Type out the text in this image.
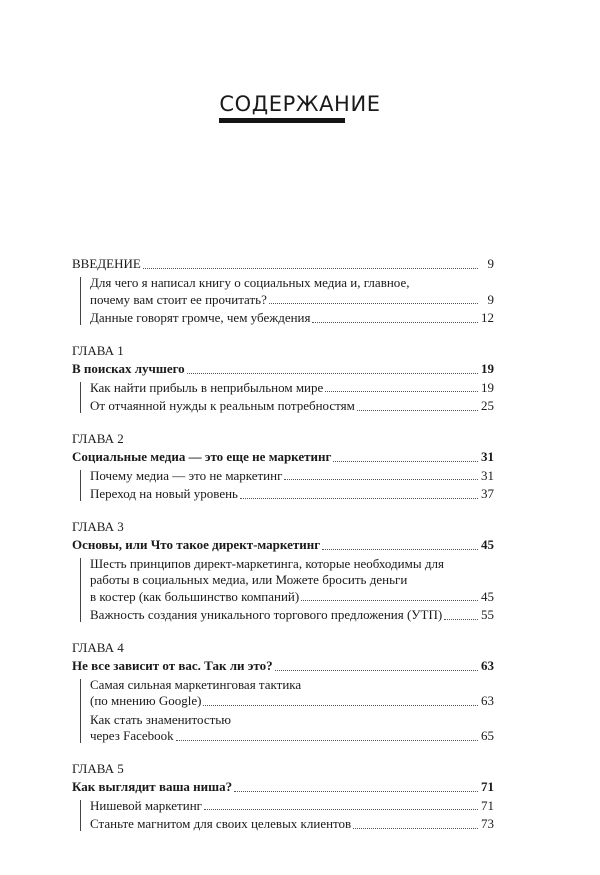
СОДЕРЖАНИЕ
ВВЕДЕНИЕ	9
Для чего я написал книгу о социальных медиа и, главное,
почему вам стоит ее прочитать?	9
Данные говорят громче, чем убеждения	12
ГЛАВА 1
В поисках лучшего	19
Как найти прибыль в неприбыльном мире	19
От отчаянной нужды к реальным потребностям	25
ГЛАВА 2
Социальные медиа — это еще не маркетинг	31
Почему медиа — это не маркетинг	31
Переход на новый уровень	37
ГЛАВА 3
Основы, или Что такое директ-маркетинг	45
Шесть принципов директ-маркетинга, которые необходимы для
работы в социальных медиа, или Можете бросить деньги
в костер (как большинство компаний)	45
Важность создания уникального торгового предложения (УТП)	55
ГЛАВА 4
Не все зависит от вас. Так ли это?	63
Самая сильная маркетинговая тактика
(по мнению Google)	63
Как стать знаменитостью
через Facebook	65
ГЛАВА 5
Как выглядит ваша ниша?	71
Нишевой маркетинг	71
Станьте магнитом для своих целевых клиентов	73
